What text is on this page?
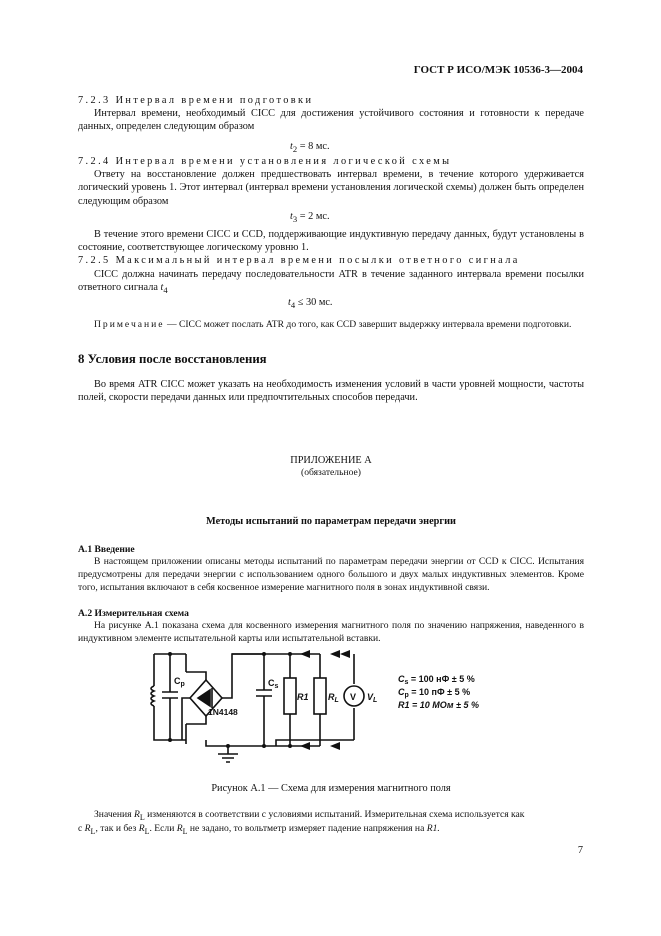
ГОСТ Р ИСО/МЭК 10536-3—2004
7.2.3 Интервал времени подготовки
Интервал времени, необходимый CICC для достижения устойчивого состояния и готовности к передаче данных, определен следующим образом
$t_2 = 8$ мс.
7.2.4 Интервал времени установления логической схемы
Ответу на восстановление должен предшествовать интервал времени, в течение которого удерживается логический уровень 1. Этот интервал (интервал времени установления логической схемы) должен быть определен следующим образом
$t_3 = 2$ мс.
В течение этого времени CICC и CCD, поддерживающие индуктивную передачу данных, будут установлены в состояние, соответствующее логическому уровню 1.
7.2.5 Максимальный интервал времени посылки ответного сигнала
CICC должна начинать передачу последовательности ATR в течение заданного интервала времени посылки ответного сигнала $t_4$
$t_4 \le 30$ мс.
Примечание — CICC может послать ATR до того, как CCD завершит выдержку интервала времени подготовки.
8 Условия после восстановления
Во время ATR CICC может указать на необходимость изменения условий в части уровней мощности, частоты полей, скорости передачи данных или предпочтительных способов передачи.
ПРИЛОЖЕНИЕ А
(обязательное)
Методы испытаний по параметрам передачи энергии
А.1 Введение
В настоящем приложении описаны методы испытаний по параметрам передачи энергии от CCD к CICC. Испытания предусмотрены для передачи энергии с использованием одного большого и двух малых индуктивных элементов. Кроме того, испытания включают в себя косвенное измерение магнитного поля в зонах индуктивной связи.
А.2 Измерительная схема
На рисунке А.1 показана схема для косвенного измерения магнитного поля по значению напряжения, наведенного в индуктивном элементе испытательной карты или испытательной вставки.
$C_p$	$C_s$
1N4148
R1 $R_L$ V $V_L$
$C_s = 100$ нФ ± 5 %
$C_p = 10$ пФ ± 5 %
R1 = 10 МОм ± 5 %
Рисунок А.1 — Схема для измерения магнитного поля
Значения $R_L$ изменяются в соответствии с условиями испытаний. Измерительная схема используется как
с $R_L$, так и без $R_L$. Если $R_L$ не задано, то вольтметр измеряет падение напряжения на R1.
7
